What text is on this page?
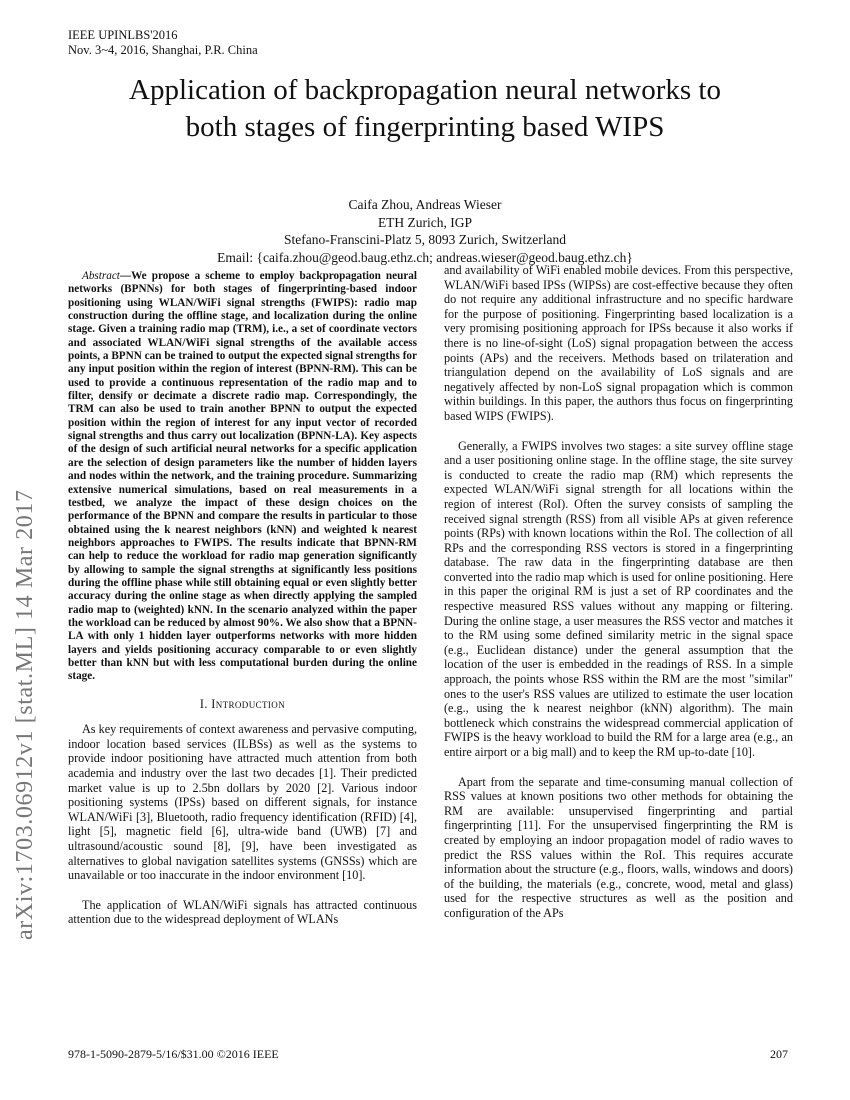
IEEE UPINLBS'2016
Nov. 3~4, 2016, Shanghai, P.R. China
Application of backpropagation neural networks to
both stages of fingerprinting based WIPS
Caifa Zhou, Andreas Wieser
ETH Zurich, IGP
Stefano-Franscini-Platz 5, 8093 Zurich, Switzerland
Email: {caifa.zhou@geod.baug.ethz.ch; andreas.wieser@geod.baug.ethz.ch}
arXiv:1703.06912v1 [stat.ML] 14 Mar 2017
Abstract—We propose a scheme to employ backpropagation neural networks (BPNNs) for both stages of fingerprinting-based indoor positioning using WLAN/WiFi signal strengths (FWIPS): radio map construction during the offline stage, and localization during the online stage. Given a training radio map (TRM), i.e., a set of coordinate vectors and associated WLAN/WiFi signal strengths of the available access points, a BPNN can be trained to output the expected signal strengths for any input position within the region of interest (BPNN-RM). This can be used to provide a continuous representation of the radio map and to filter, densify or decimate a discrete radio map. Correspondingly, the TRM can also be used to train another BPNN to output the expected position within the region of interest for any input vector of recorded signal strengths and thus carry out localization (BPNN-LA). Key aspects of the design of such artificial neural networks for a specific application are the selection of design parameters like the number of hidden layers and nodes within the network, and the training procedure. Summarizing extensive numerical simulations, based on real measurements in a testbed, we analyze the impact of these design choices on the performance of the BPNN and compare the results in particular to those obtained using the k nearest neighbors (kNN) and weighted k nearest neighbors approaches to FWIPS. The results indicate that BPNN-RM can help to reduce the workload for radio map generation significantly by allowing to sample the signal strengths at significantly less positions during the offline phase while still obtaining equal or even slightly better accuracy during the online stage as when directly applying the sampled radio map to (weighted) kNN. In the scenario analyzed within the paper the workload can be reduced by almost 90%. We also show that a BPNN-LA with only 1 hidden layer outperforms networks with more hidden layers and yields positioning accuracy comparable to or even slightly better than kNN but with less computational burden during the online stage.
I. Introduction

As key requirements of context awareness and pervasive computing, indoor location based services (ILBSs) as well as the systems to provide indoor positioning have attracted much attention from both academia and industry over the last two decades [1]. Their predicted market value is up to 2.5bn dollars by 2020 [2]. Various indoor positioning systems (IPSs) based on different signals, for instance WLAN/WiFi [3], Bluetooth, radio frequency identification (RFID) [4], light [5], magnetic field [6], ultra-wide band (UWB) [7] and ultrasound/acoustic sound [8], [9], have been investigated as alternatives to global navigation satellites systems (GNSSs) which are unavailable or too inaccurate in the indoor environment [10].

The application of WLAN/WiFi signals has attracted continuous attention due to the widespread deployment of WLANs

and availability of WiFi enabled mobile devices. From this perspective, WLAN/WiFi based IPSs (WIPSs) are cost-effective because they often do not require any additional infrastructure and no specific hardware for the purpose of positioning. Fingerprinting based localization is a very promising positioning approach for IPSs because it also works if there is no line-of-sight (LoS) signal propagation between the access points (APs) and the receivers. Methods based on trilateration and triangulation depend on the availability of LoS signals and are negatively affected by non-LoS signal propagation which is common within buildings. In this paper, the authors thus focus on fingerprinting based WIPS (FWIPS).

Generally, a FWIPS involves two stages: a site survey offline stage and a user positioning online stage. In the offline stage, the site survey is conducted to create the radio map (RM) which represents the expected WLAN/WiFi signal strength for all locations within the region of interest (RoI). Often the survey consists of sampling the received signal strength (RSS) from all visible APs at given reference points (RPs) with known locations within the RoI. The collection of all RPs and the corresponding RSS vectors is stored in a fingerprinting database. The raw data in the fingerprinting database are then converted into the radio map which is used for online positioning. Here in this paper the original RM is just a set of RP coordinates and the respective measured RSS values without any mapping or filtering. During the online stage, a user measures the RSS vector and matches it to the RM using some defined similarity metric in the signal space (e.g., Euclidean distance) under the general assumption that the location of the user is embedded in the readings of RSS. In a simple approach, the points whose RSS within the RM are the most "similar" ones to the user's RSS values are utilized to estimate the user location (e.g., using the k nearest neighbor (kNN) algorithm). The main bottleneck which constrains the widespread commercial application of FWIPS is the heavy workload to build the RM for a large area (e.g., an entire airport or a big mall) and to keep the RM up-to-date [10].

Apart from the separate and time-consuming manual collection of RSS values at known positions two other methods for obtaining the RM are available: unsupervised fingerprinting and partial fingerprinting [11]. For the unsupervised fingerprinting the RM is created by employing an indoor propagation model of radio waves to predict the RSS values within the RoI. This requires accurate information about the structure (e.g., floors, walls, windows and doors) of the building, the materials (e.g., concrete, wood, metal and glass) used for the respective structures as well as the position and configuration of the APs

978-1-5090-2879-5/16/$31.00 ©2016 IEEE	207
